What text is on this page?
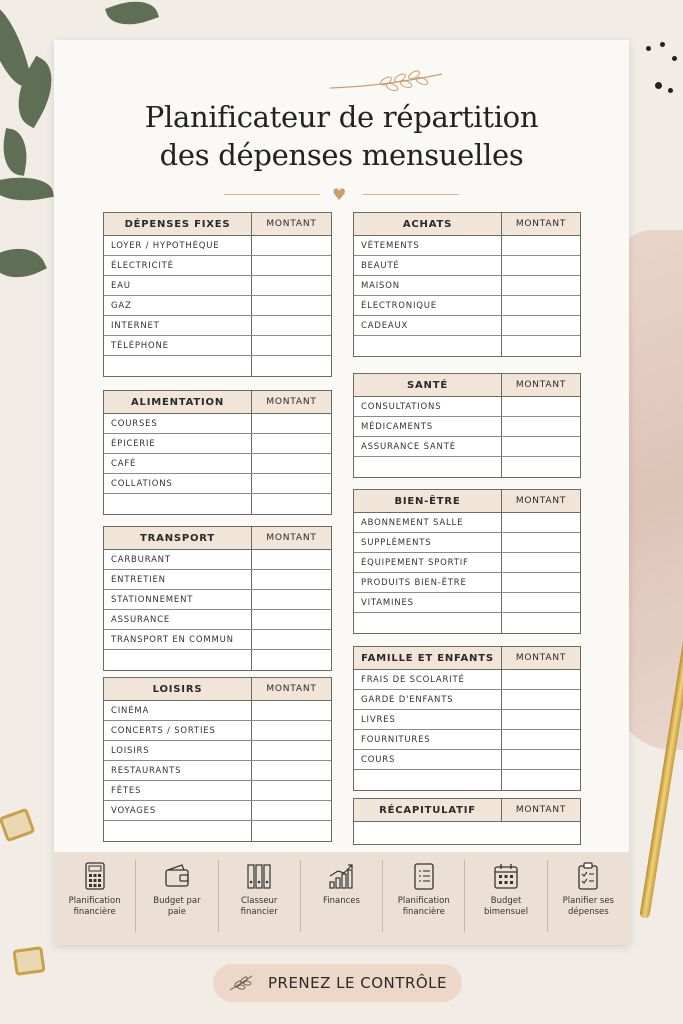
Planificateur de répartition
des dépenses mensuelles
♥
DÉPENSES FIXES	MONTANT
LOYER / HYPOTHÈQUE
ÉLECTRICITÉ
EAU
GAZ
INTERNET
TÉLÉPHONE
ALIMENTATION	MONTANT
COURSES
ÉPICERIE
CAFÉ
COLLATIONS
TRANSPORT	MONTANT
CARBURANT
ENTRETIEN
STATIONNEMENT
ASSURANCE
TRANSPORT EN COMMUN
LOISIRS	MONTANT
CINÉMA
CONCERTS / SORTIES
LOISIRS
RESTAURANTS
FÊTES
VOYAGES
ACHATS	MONTANT
VÊTEMENTS
BEAUTÉ
MAISON
ÉLECTRONIQUE
CADEAUX
SANTÉ	MONTANT
CONSULTATIONS
MÉDICAMENTS
ASSURANCE SANTÉ
BIEN-ÊTRE	MONTANT
ABONNEMENT SALLE
SUPPLÉMENTS
ÉQUIPEMENT SPORTIF
PRODUITS BIEN-ÊTRE
VITAMINES
FAMILLE ET ENFANTS	MONTANT
FRAIS DE SCOLARITÉ
GARDE D'ENFANTS
LIVRES
FOURNITURES
COURS
RÉCAPITULATIF	MONTANT
Planification
financière
Budget par
paie
Classeur
financier
Finances	Planification
financière
Budget
bimensuel
Planifier ses
dépenses
PRENEZ LE CONTRÔLE
